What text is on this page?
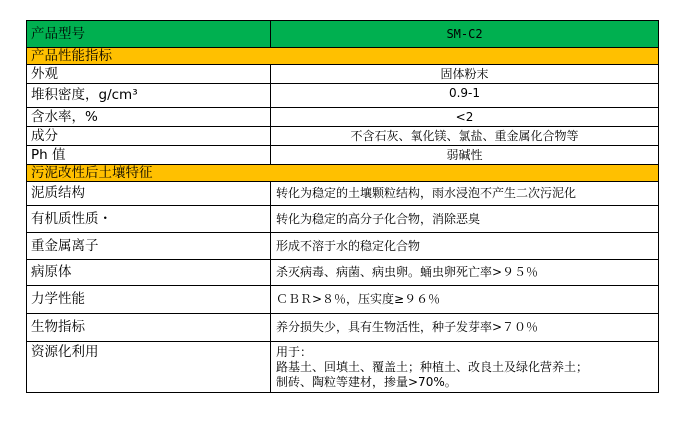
产品型号	SM-C2
产品性能指标	
外观	固体粉末
堆积密度，g/cm³	0.9-1
含水率，%	<2
成分	不含石灰、氧化镁、氯盐、重金属化合物等
Ph 值	弱碱性
污泥改性后土壤特征	
泥质结构	转化为稳定的土壤颗粒结构，雨水浸泡不产生二次污泥化
有机质性质・	转化为稳定的高分子化合物，消除恶臭
重金属离子	形成不溶于水的稳定化合物
病原体	杀灭病毒、病菌、病虫卵。蛹虫卵死亡率>９５％
力学性能	ＣＢＲ>８％，压实度≥９６％
生物指标	养分损失少，具有生物活性，种子发芽率>７０％
资源化利用	用于：
路基土、回填土、覆盖土；种植土、改良土及绿化营养土；
制砖、陶粒等建材，掺量>70%。
